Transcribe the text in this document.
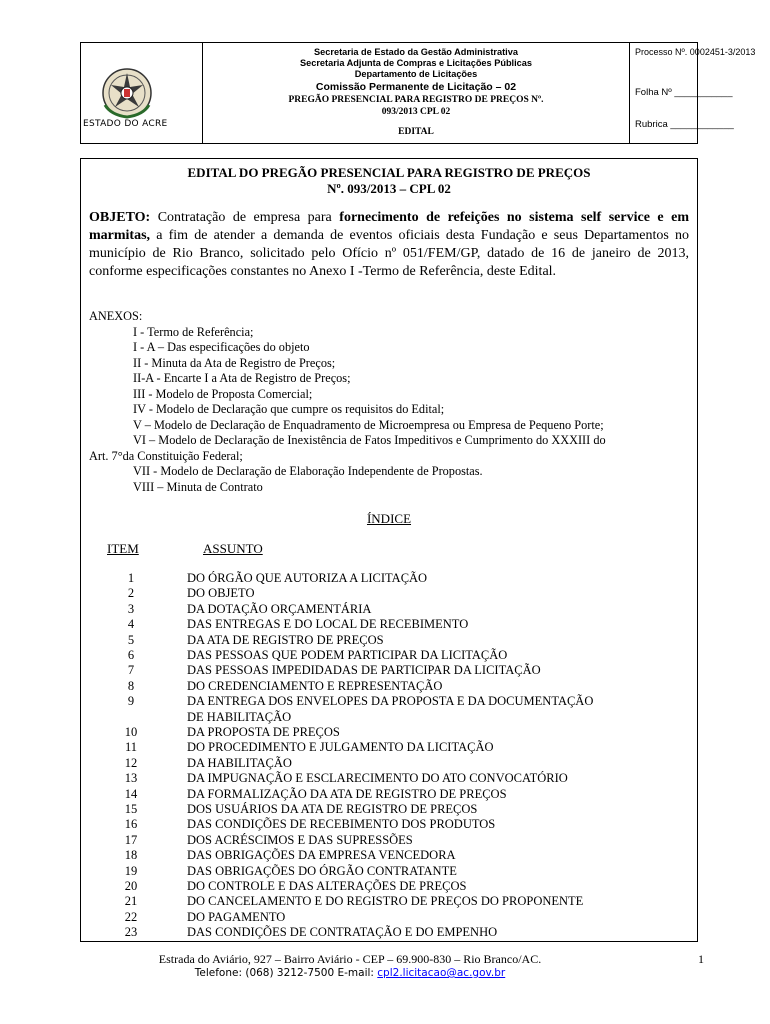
ESTADO DO ACRE
Secretaria de Estado da Gestão Administrativa
Secretaria Adjunta de Compras e Licitações Públicas
Departamento de Licitações
Comissão Permanente de Licitação – 02
PREGÃO PRESENCIAL PARA REGISTRO DE PREÇOS Nº.
093/2013 CPL 02
EDITAL
Processo Nº. 0002451-3/2013
Folha Nº ___________
Rubrica ____________
EDITAL DO PREGÃO PRESENCIAL PARA REGISTRO DE PREÇOS
Nº. 093/2013 – CPL 02
OBJETO: Contratação de empresa para fornecimento de refeições no sistema self service e em marmitas, a fim de atender a demanda de eventos oficiais desta Fundação e seus Departamentos no município de Rio Branco, solicitado pelo Ofício nº 051/FEM/GP, datado de 16 de janeiro de 2013, conforme especificações constantes no Anexo I -Termo de Referência, deste Edital.
ANEXOS:
I - Termo de Referência;
I - A – Das especificações do objeto
II - Minuta da Ata de Registro de Preços;
II-A - Encarte I a Ata de Registro de Preços;
III - Modelo de Proposta Comercial;
IV - Modelo de Declaração que cumpre os requisitos do Edital;
V – Modelo de Declaração de Enquadramento de Microempresa ou Empresa de Pequeno Porte;
VI – Modelo de Declaração de Inexistência de Fatos Impeditivos e Cumprimento do XXXIII do
Art. 7°da Constituição Federal;
VII - Modelo de Declaração de Elaboração Independente de Propostas.
VIII – Minuta de Contrato
ÍNDICE
ITEM	ASSUNTO
1	DO ÓRGÃO QUE AUTORIZA A LICITAÇÃO
2	DO OBJETO
3	DA DOTAÇÃO ORÇAMENTÁRIA
4	DAS ENTREGAS E DO LOCAL DE RECEBIMENTO
5	DA ATA DE REGISTRO DE PREÇOS
6	DAS PESSOAS QUE PODEM PARTICIPAR DA LICITAÇÃO
7	DAS PESSOAS IMPEDIDADAS DE PARTICIPAR DA LICITAÇÃO
8	DO CREDENCIAMENTO E REPRESENTAÇÃO
9	DA ENTREGA DOS ENVELOPES DA PROPOSTA E DA DOCUMENTAÇÃO
DE HABILITAÇÃO
10	DA PROPOSTA DE PREÇOS
11	DO PROCEDIMENTO E JULGAMENTO DA LICITAÇÃO
12	DA HABILITAÇÃO
13	DA IMPUGNAÇÃO E ESCLARECIMENTO DO ATO CONVOCATÓRIO
14	DA FORMALIZAÇÃO DA ATA DE REGISTRO DE PREÇOS
15	DOS USUÁRIOS DA ATA DE REGISTRO DE PREÇOS
16	DAS CONDIÇÕES DE RECEBIMENTO DOS PRODUTOS
17	DOS ACRÉSCIMOS E DAS SUPRESSÕES
18	DAS OBRIGAÇÕES DA EMPRESA VENCEDORA
19	DAS OBRIGAÇÕES DO ÓRGÃO CONTRATANTE
20	DO CONTROLE E DAS ALTERAÇÕES DE PREÇOS
21	DO CANCELAMENTO E DO REGISTRO DE PREÇOS DO PROPONENTE
22	DO PAGAMENTO
23	DAS CONDIÇÕES DE CONTRATAÇÃO E DO EMPENHO
Estrada do Aviário, 927 – Bairro Aviário - CEP – 69.900-830 – Rio Branco/AC.
Telefone: (068) 3212-7500 E-mail: cpl2.licitacao@ac.gov.br
1
